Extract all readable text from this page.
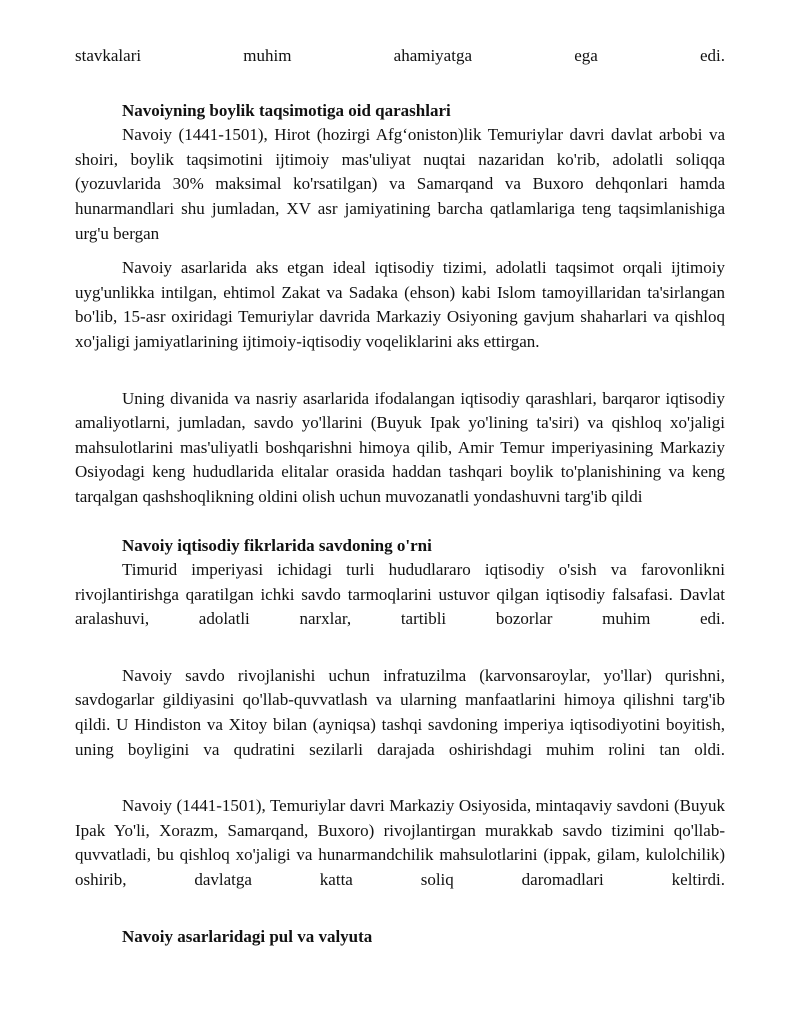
stavkalari muhim ahamiyatga ega edi.

Navoiyning boylik taqsimotiga oid qarashlari

Navoiy (1441-1501), Hirot (hozirgi Afg‘oniston)lik Temuriylar davri davlat arbobi va shoiri, boylik taqsimotini ijtimoiy mas'uliyat nuqtai nazaridan ko'rib, adolatli soliqqa (yozuvlarida 30% maksimal ko'rsatilgan) va Samarqand va Buxoro dehqonlari hamda hunarmandlari shu jumladan, XV asr jamiyatining barcha qatlamlariga teng taqsimlanishiga urg'u bergan

Navoiy asarlarida aks etgan ideal iqtisodiy tizimi, adolatli taqsimot orqali ijtimoiy uyg'unlikka intilgan, ehtimol Zakat va Sadaka (ehson) kabi Islom tamoyillaridan ta'sirlangan bo'lib, 15-asr oxiridagi Temuriylar davrida Markaziy Osiyoning gavjum shaharlari va qishloq xo'jaligi jamiyatlarining ijtimoiy-iqtisodiy voqeliklarini aks ettirgan.

Uning divanida va nasriy asarlarida ifodalangan iqtisodiy qarashlari, barqaror iqtisodiy amaliyotlarni, jumladan, savdo yo'llarini (Buyuk Ipak yo'lining ta'siri) va qishloq xo'jaligi mahsulotlarini mas'uliyatli boshqarishni himoya qilib, Amir Temur imperiyasining Markaziy Osiyodagi keng hududlarida elitalar orasida haddan tashqari boylik to'planishining va keng tarqalgan qashshoqlikning oldini olish uchun muvozanatli yondashuvni targ'ib qildi

Navoiy iqtisodiy fikrlarida savdoning o'rni

Timurid imperiyasi ichidagi turli hududlararo iqtisodiy o'sish va farovonlikni rivojlantirishga qaratilgan ichki savdo tarmoqlarini ustuvor qilgan iqtisodiy falsafasi. Davlat aralashuvi, adolatli narxlar, tartibli bozorlar muhim edi.

Navoiy savdo rivojlanishi uchun infratuzilma (karvonsaroylar, yo'llar) qurishni, savdogarlar gildiyasini qo'llab-quvvatlash va ularning manfaatlarini himoya qilishni targ'ib qildi. U Hindiston va Xitoy bilan (ayniqsa) tashqi savdoning imperiya iqtisodiyotini boyitish, uning boyligini va qudratini sezilarli darajada oshirishdagi muhim rolini tan oldi.

Navoiy (1441-1501), Temuriylar davri Markaziy Osiyosida, mintaqaviy savdoni (Buyuk Ipak Yo'li, Xorazm, Samarqand, Buxoro) rivojlantirgan murakkab savdo tizimini qo'llab-quvvatladi, bu qishloq xo'jaligi va hunarmandchilik mahsulotlarini (ippak, gilam, kulolchilik) oshirib, davlatga katta soliq daromadlari keltirdi.

Navoiy asarlaridagi pul va valyuta
